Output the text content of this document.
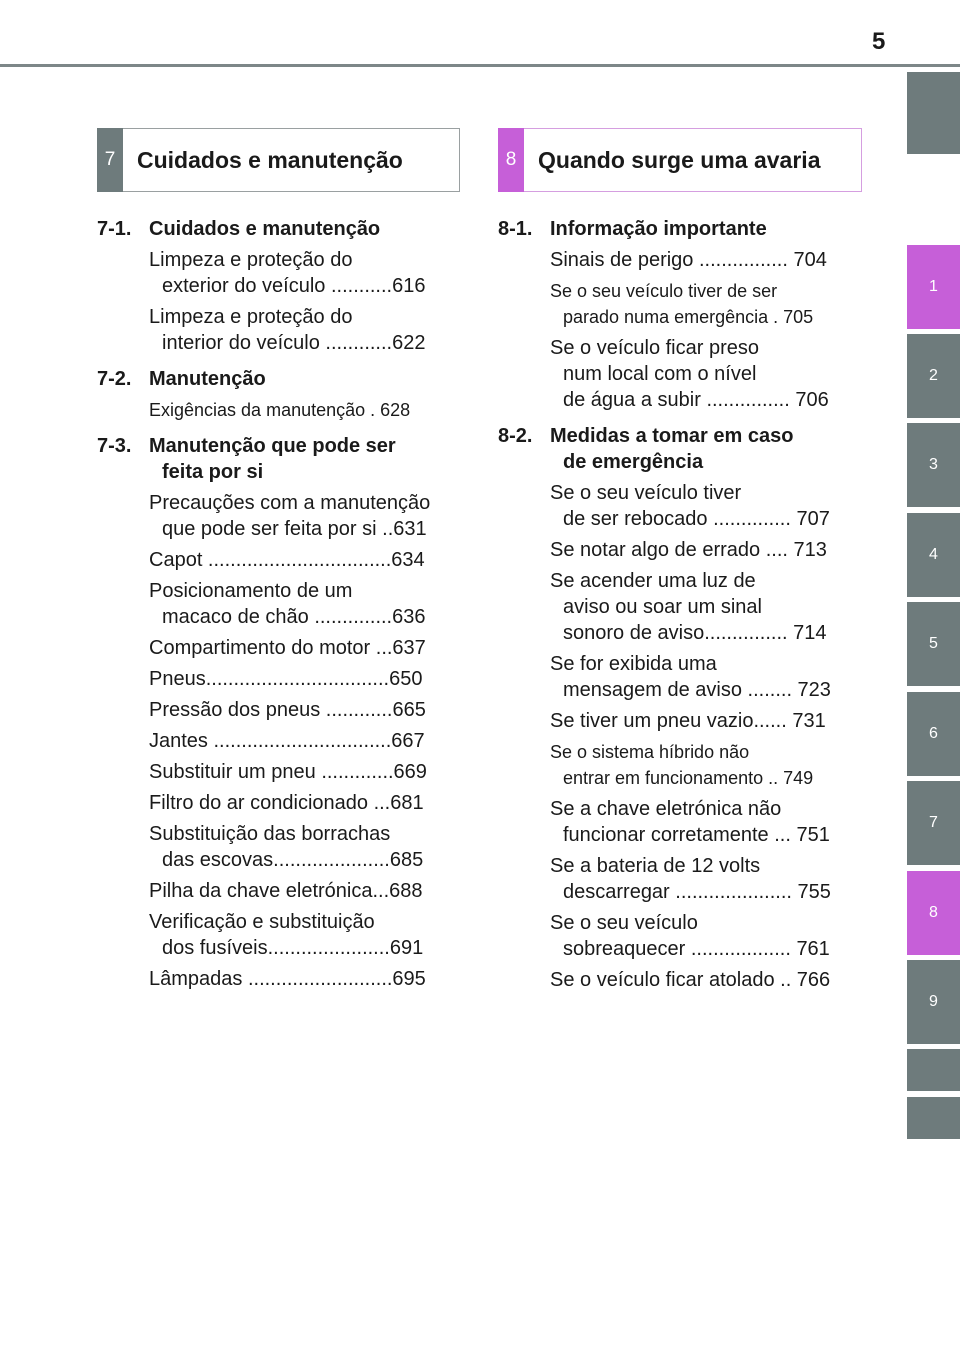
5
1
2
3
4
5
6
7
8
9
7 Cuidados e manutenção	8 Quando surge uma avaria
7-1. Cuidados e manutenção
Limpeza e proteção do
exterior do veículo ...........616
Limpeza e proteção do
interior do veículo ............622
7-2. Manutenção
Exigências da manutenção . 628
7-3. Manutenção que pode ser
feita por si
Precauções com a manutenção
que pode ser feita por si ..631
Capot .................................634
Posicionamento de um
macaco de chão ..............636
Compartimento do motor ...637
Pneus.................................650
Pressão dos pneus ............665
Jantes ................................667
Substituir um pneu .............669
Filtro do ar condicionado ...681
Substituição das borrachas
das escovas.....................685
Pilha da chave eletrónica...688
Verificação e substituição
dos fusíveis......................691
Lâmpadas ..........................695
8-1. Informação importante
Sinais de perigo ................ 704
Se o seu veículo tiver de ser
parado numa emergência . 705
Se o veículo ficar preso
num local com o nível
de água a subir ............... 706
8-2. Medidas a tomar em caso
de emergência
Se o seu veículo tiver
de ser rebocado .............. 707
Se notar algo de errado .... 713
Se acender uma luz de
aviso ou soar um sinal
sonoro de aviso............... 714
Se for exibida uma
mensagem de aviso ........ 723
Se tiver um pneu vazio...... 731
Se o sistema híbrido não
entrar em funcionamento .. 749
Se a chave eletrónica não
funcionar corretamente ... 751
Se a bateria de 12 volts
descarregar ..................... 755
Se o seu veículo
sobreaquecer .................. 761
Se o veículo ficar atolado .. 766
